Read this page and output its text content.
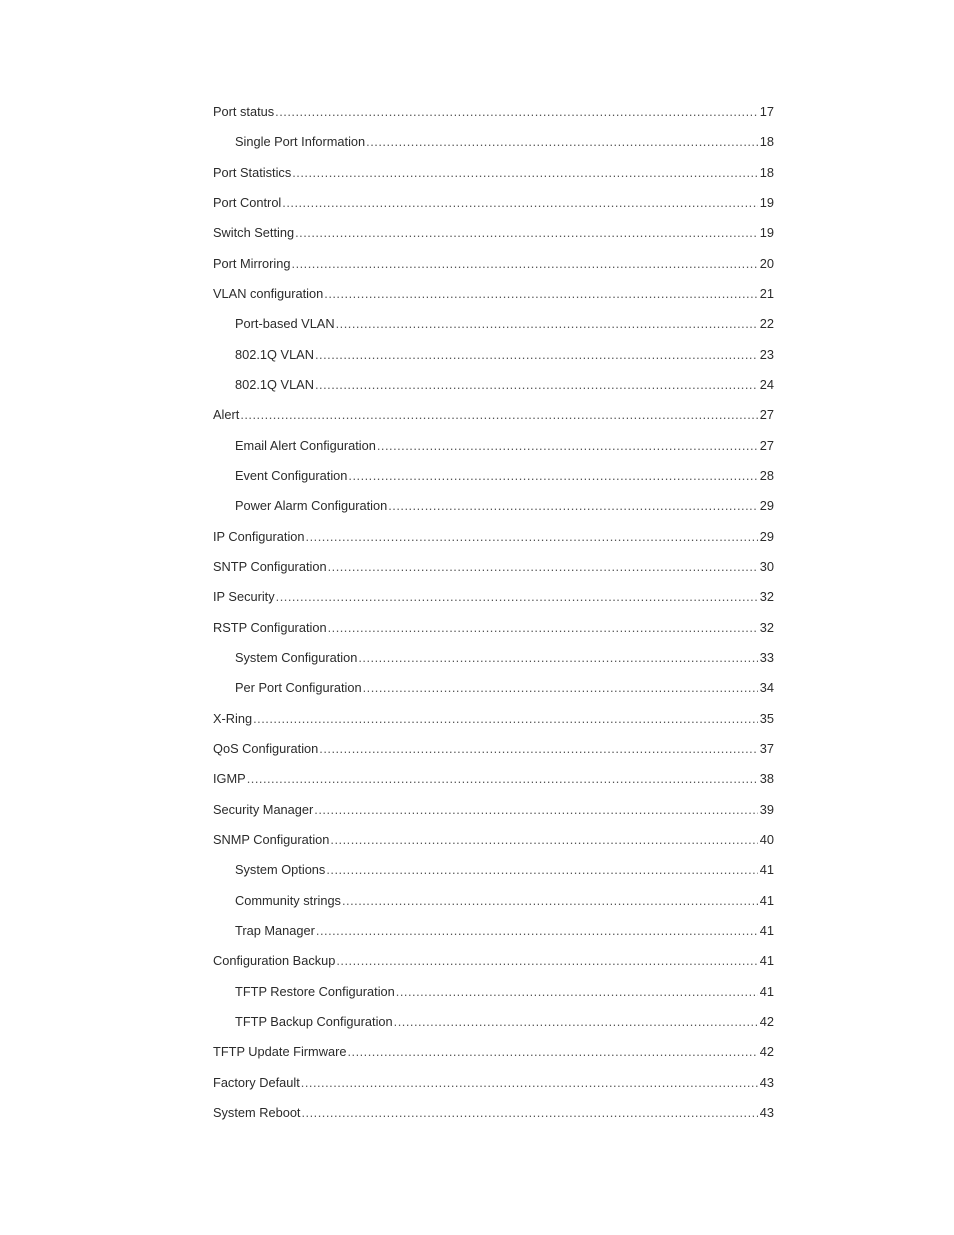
Port status .....	17
Single Port Information .....	18
Port Statistics .....	18
Port Control .....	19
Switch Setting .....	19
Port Mirroring .....	20
VLAN configuration .....	21
Port-based VLAN .....	22
802.1Q VLAN .....	23
802.1Q VLAN .....	24
Alert .....	27
Email Alert Configuration .....	27
Event Configuration .....	28
Power Alarm Configuration .....	29
IP Configuration .....	29
SNTP Configuration .....	30
IP Security .....	32
RSTP Configuration .....	32
System Configuration .....	33
Per Port Configuration .....	34
X-Ring .....	35
QoS Configuration .....	37
IGMP .....	38
Security Manager .....	39
SNMP Configuration .....	40
System Options .....	41
Community strings .....	41
Trap Manager .....	41
Configuration Backup .....	41
TFTP Restore Configuration .....	41
TFTP Backup Configuration .....	42
TFTP Update Firmware .....	42
Factory Default .....	43
System Reboot .....	43
